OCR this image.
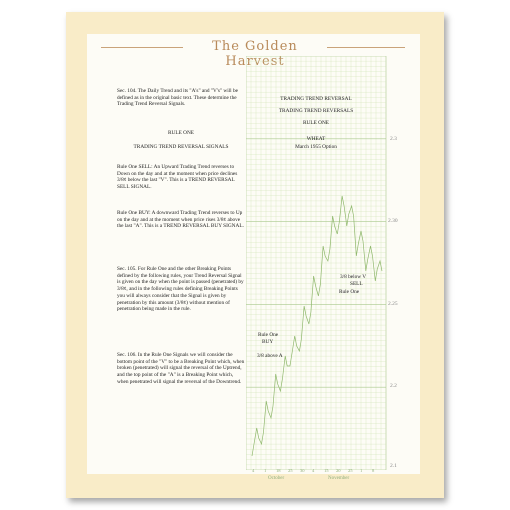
The Golden Harvest
Sec. 104. The Daily Trend and its "A's" and "V's" will be defined as in the original basic text. These determine the Trading Trend Reversal Signals.
RULE ONE
TRADING TREND REVERSAL SIGNALS
Rule One SELL: An Upward Trading Trend reverses to Down on the day and at the moment when price declines 3/8¢ below the last "V". This is a TREND REVERSAL SELL SIGNAL.
Rule One BUY: A downward Trading Trend reverses to Up on the day and at the moment when price rises 3/8¢ above the last "A". This is a TREND REVERSAL BUY SIGNAL.
Sec. 105. For Rule One and the other Breaking Points defined by the following rules, your Trend Reversal Signal is given on the day when the point is passed (penetrated) by 3/8¢, and in the following rules defining Breaking Points you will always consider that the Signal is given by penetration by this amount (3/8¢) without mention of penetration being made in the rule.
Sec. 106. In the Rule One Signals we will consider the bottom point of the "V" to be a Breaking Point which, when broken (penetrated) will signal the reversal of the Uptrend, and the top point of the "A" is a Breaking Point which, when penetrated will signal the reversal of the Downtrend.
TRADING TREND REVERSAL
TRADING TREND REVERSALS
RULE ONE
WHEAT
March 1955 Option
3/8 below V
SELL
Rule One
Rule One
BUY
3/8 above A
2.3
2.30
2.25
2.2
2.1
4 1 18 25 30 4 15 20 25 1 8
October	November
